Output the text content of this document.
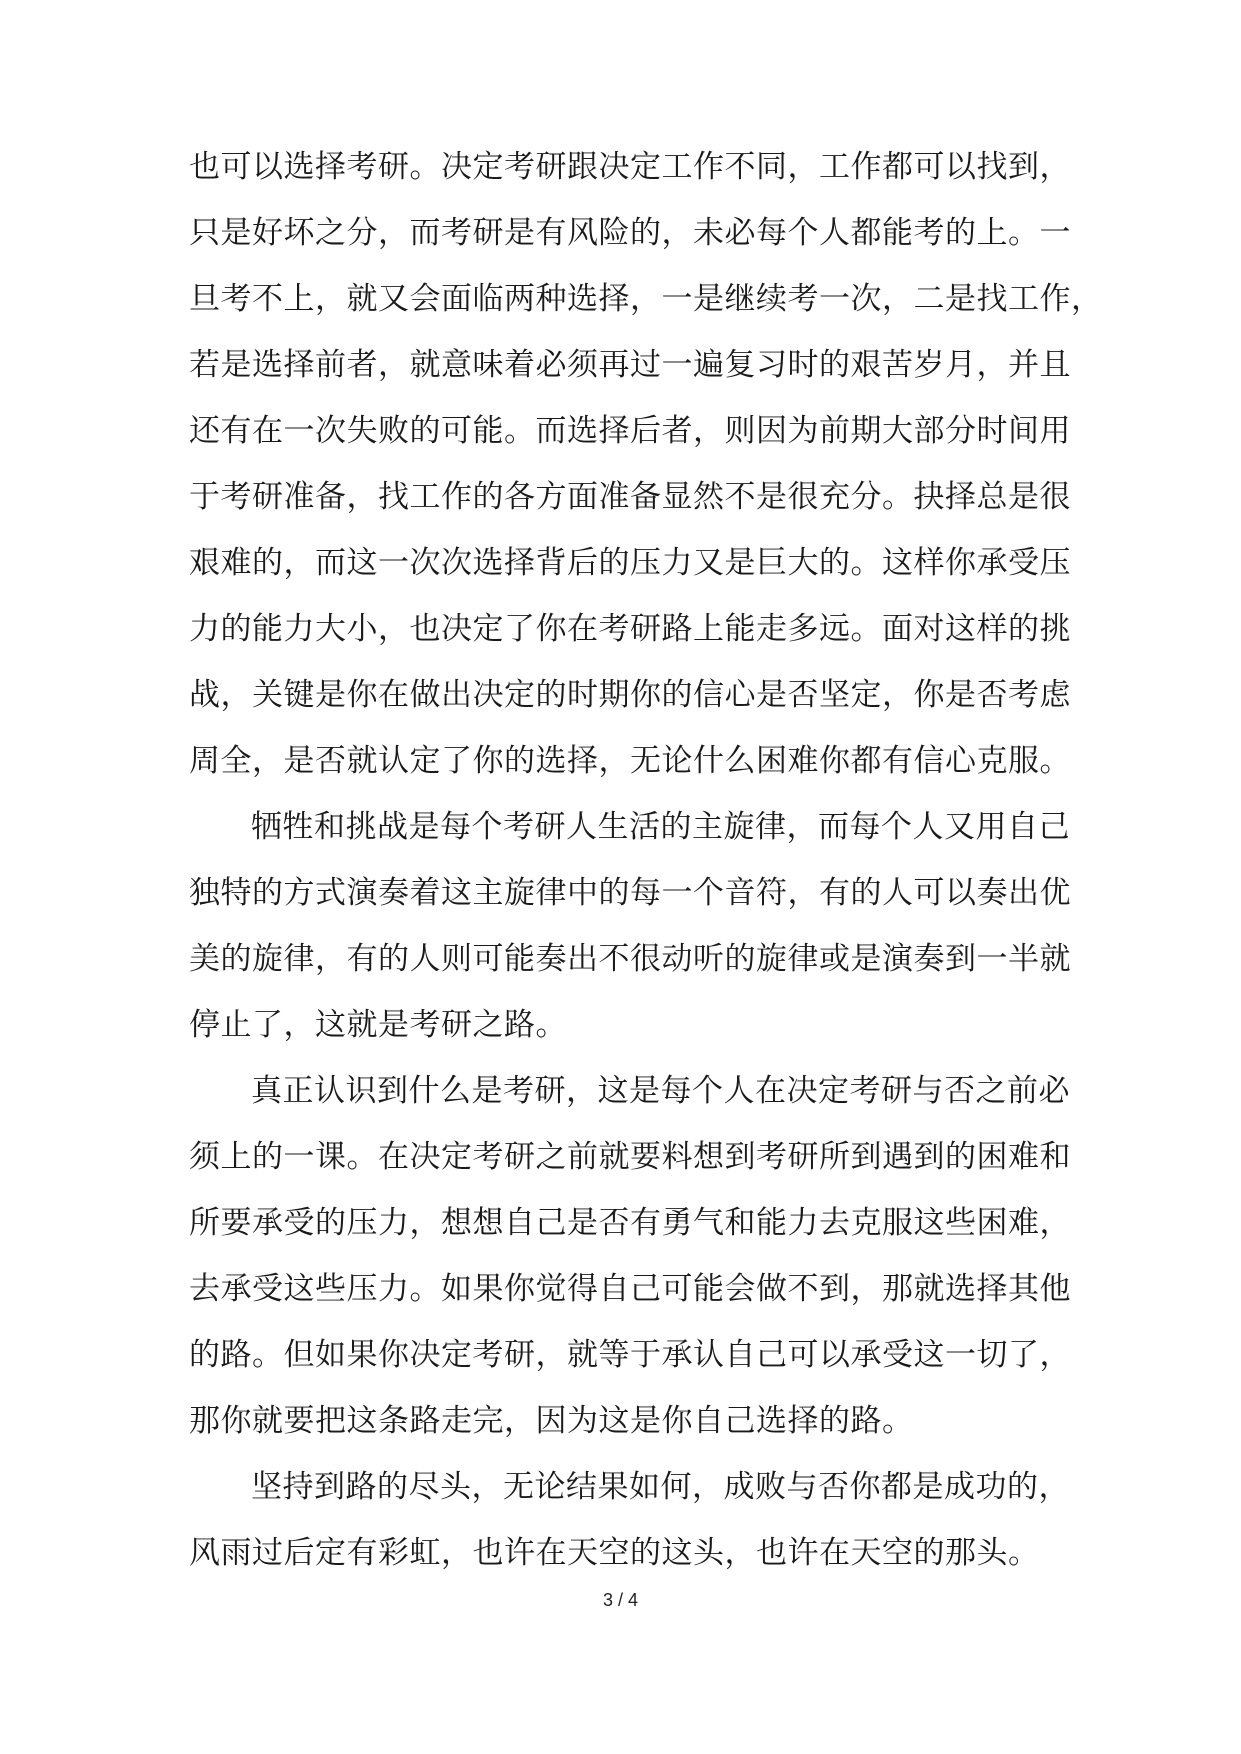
也可以选择考研。决定考研跟决定工作不同，工作都可以找到，
只是好坏之分，而考研是有风险的，未必每个人都能考的上。一
旦考不上，就又会面临两种选择，一是继续考一次，二是找工作，
若是选择前者，就意味着必须再过一遍复习时的艰苦岁月，并且
还有在一次失败的可能。而选择后者，则因为前期大部分时间用
于考研准备，找工作的各方面准备显然不是很充分。抉择总是很
艰难的，而这一次次选择背后的压力又是巨大的。这样你承受压
力的能力大小，也决定了你在考研路上能走多远。面对这样的挑
战，关键是你在做出决定的时期你的信心是否坚定，你是否考虑
周全，是否就认定了你的选择，无论什么困难你都有信心克服。
牺牲和挑战是每个考研人生活的主旋律，而每个人又用自己
独特的方式演奏着这主旋律中的每一个音符，有的人可以奏出优
美的旋律，有的人则可能奏出不很动听的旋律或是演奏到一半就
停止了，这就是考研之路。
真正认识到什么是考研，这是每个人在决定考研与否之前必
须上的一课。在决定考研之前就要料想到考研所到遇到的困难和
所要承受的压力，想想自己是否有勇气和能力去克服这些困难，
去承受这些压力。如果你觉得自己可能会做不到，那就选择其他
的路。但如果你决定考研，就等于承认自己可以承受这一切了，
那你就要把这条路走完，因为这是你自己选择的路。
坚持到路的尽头，无论结果如何，成败与否你都是成功的，
风雨过后定有彩虹，也许在天空的这头，也许在天空的那头。
3 / 4
